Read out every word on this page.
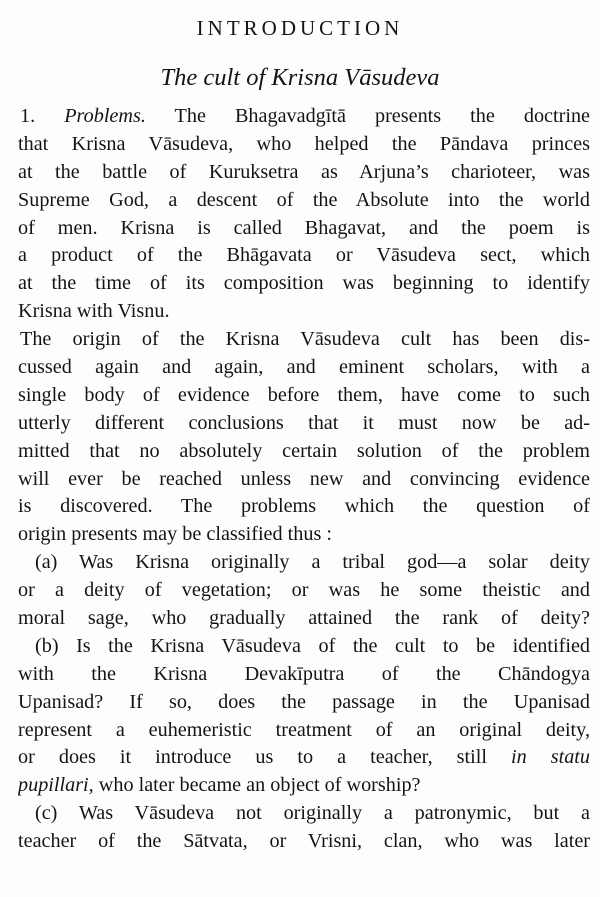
INTRODUCTION
The cult of Krisna Vāsudeva
1. Problems. The Bhagavadgītā presents the doctrine
that Krisna Vāsudeva, who helped the Pāndava princes
at the battle of Kuruksetra as Arjuna’s charioteer, was
Supreme God, a descent of the Absolute into the world
of men. Krisna is called Bhagavat, and the poem is
a product of the Bhāgavata or Vāsudeva sect, which
at the time of its composition was beginning to identify
Krisna with Visnu.
The origin of the Krisna Vāsudeva cult has been dis-
cussed again and again, and eminent scholars, with a
single body of evidence before them, have come to such
utterly different conclusions that it must now be ad-
mitted that no absolutely certain solution of the problem
will ever be reached unless new and convincing evidence
is discovered. The problems which the question of
origin presents may be classified thus :
(a) Was Krisna originally a tribal god—a solar deity
or a deity of vegetation; or was he some theistic and
moral sage, who gradually attained the rank of deity?
(b) Is the Krisna Vāsudeva of the cult to be identified
with the Krisna Devakīputra of the Chāndogya
Upanisad? If so, does the passage in the Upanisad
represent a euhemeristic treatment of an original deity,
or does it introduce us to a teacher, still in statu
pupillari, who later became an object of worship?
(c) Was Vāsudeva not originally a patronymic, but a
teacher of the Sātvata, or Vrisni, clan, who was later
